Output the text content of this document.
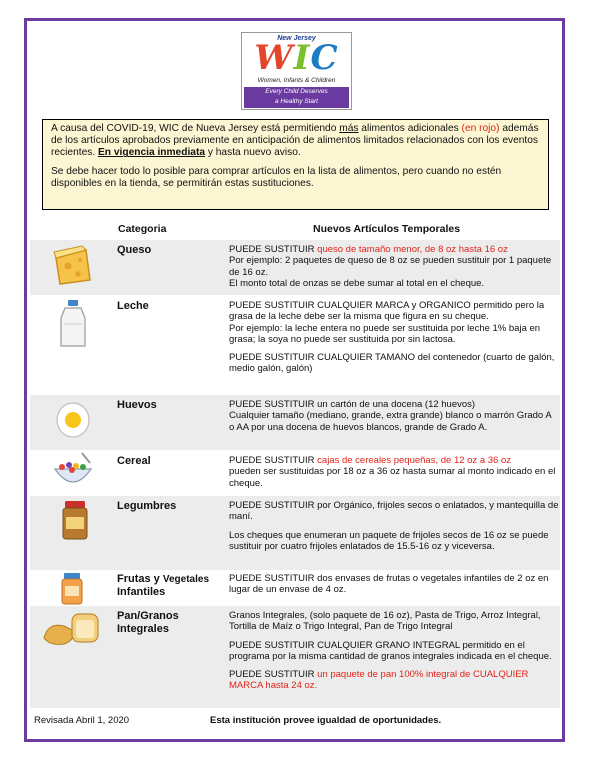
New Jersey
WIC
Women, Infants & Children
Every Child Deserves
a Healthy Start

A causa del COVID-19, WIC de Nueva Jersey está permitiendo más alimentos adicionales (en rojo) además de los artículos aprobados previamente en anticipación de alimentos limitados relacionados con los eventos recientes. En vigencia inmediata y hasta nuevo aviso.

Se debe hacer todo lo posible para comprar artículos en la lista de alimentos, pero cuando no estén disponibles en la tienda, se permitirán estas sustituciones.

Categoria	Nuevos Artículos Temporales
Queso	PUEDE SUSTITUIR queso de tamaño menor, de 8 oz hasta 16 oz

Por ejemplo: 2 paquetes de queso de 8 oz se pueden sustituir por 1 paquete de 16 oz.

El monto total de onzas se debe sumar al total en el cheque.

Leche	PUEDE SUSTITUIR CUALQUIER MARCA y ORGANICO permitido pero la grasa de la leche debe ser la misma que figura en su cheque.

Por ejemplo: la leche entera no puede ser sustituida por leche 1% baja en grasa; la soya no puede ser sustituida por sin lactosa.

PUEDE SUSTITUIR CUALQUIER TAMANO del contenedor (cuarto de galón, medio galón, galón)

Huevos	PUEDE SUSTITUIR un cartón de una docena (12 huevos)

Cualquier tamaño (mediano, grande, extra grande) blanco o marrón Grado A o AA por una docena de huevos blancos, grande de Grado A.

Cereal	PUEDE SUSTITUIR cajas de cereales pequeñas, de 12 oz a 36 oz

pueden ser sustituidas por 18 oz a 36 oz hasta sumar al monto indicado en el cheque.

Legumbres	PUEDE SUSTITUIR por Orgánico, frijoles secos o enlatados, y mantequilla de maní.

Los cheques que enumeran un paquete de frijoles secos de 16 oz se puede sustituir por cuatro frijoles enlatados de 15.5-16 oz y viceversa.

Frutas y Vegetales
Infantiles

PUEDE SUSTITUIR dos envases de frutas o vegetales infantiles de 2 oz en lugar de un envase de 4 oz.

Pan/Granos
Integrales

Granos Integrales, (solo paquete de 16 oz), Pasta de Trigo, Arroz Integral, Tortilla de Maíz o Trigo Integral, Pan de Trigo Integral

PUEDE SUSTITUIR CUALQUIER GRANO INTEGRAL permitido en el programa por la misma cantidad de granos integrales indicada en el cheque.

PUEDE SUSTITUIR un paquete de pan 100% integral de CUALQUIER MARCA hasta 24 oz.

Revisada Abril 1, 2020	Esta institución provee igualdad de oportunidades.
